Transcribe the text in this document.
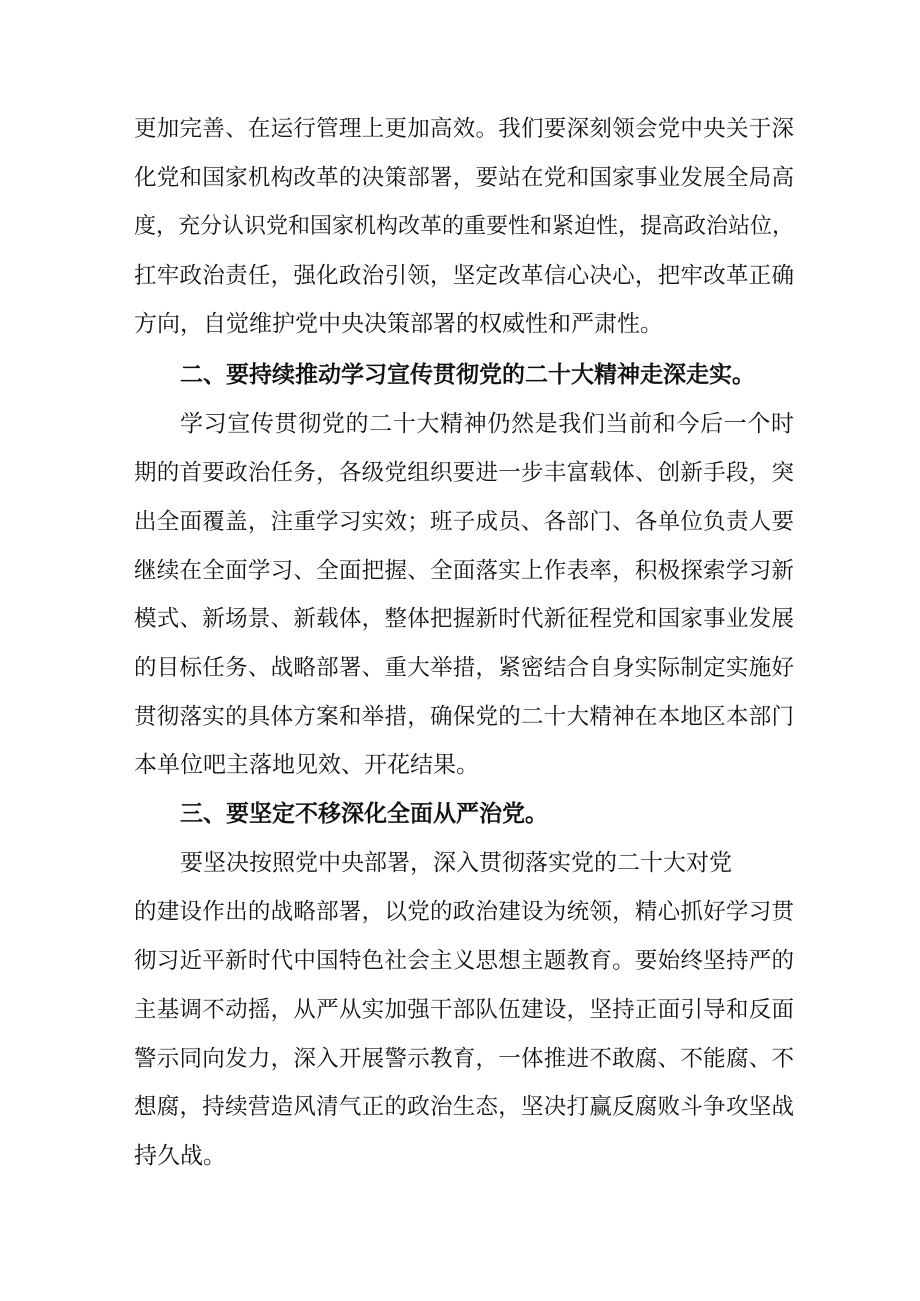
更加完善、在运行管理上更加高效。我们要深刻领会党中央关于深
化党和国家机构改革的决策部署，要站在党和国家事业发展全局高
度，充分认识党和国家机构改革的重要性和紧迫性，提高政治站位，
扛牢政治责任，强化政治引领，坚定改革信心决心，把牢改革正确
方向，自觉维护党中央决策部署的权威性和严肃性。
二、要持续推动学习宣传贯彻党的二十大精神走深走实。
学习宣传贯彻党的二十大精神仍然是我们当前和今后一个时
期的首要政治任务，各级党组织要进一步丰富载体、创新手段，突
出全面覆盖，注重学习实效；班子成员、各部门、各单位负责人要
继续在全面学习、全面把握、全面落实上作表率，积极探索学习新
模式、新场景、新载体，整体把握新时代新征程党和国家事业发展
的目标任务、战略部署、重大举措，紧密结合自身实际制定实施好
贯彻落实的具体方案和举措，确保党的二十大精神在本地区本部门
本单位吧主落地见效、开花结果。
三、要坚定不移深化全面从严治党。
要坚决按照党中央部署，深入贯彻落实党的二十大对党
的建设作出的战略部署，以党的政治建设为统领，精心抓好学习贯
彻习近平新时代中国特色社会主义思想主题教育。要始终坚持严的
主基调不动摇，从严从实加强干部队伍建设，坚持正面引导和反面
警示同向发力，深入开展警示教育，一体推进不敢腐、不能腐、不
想腐，持续营造风清气正的政治生态，坚决打赢反腐败斗争攻坚战
持久战。
